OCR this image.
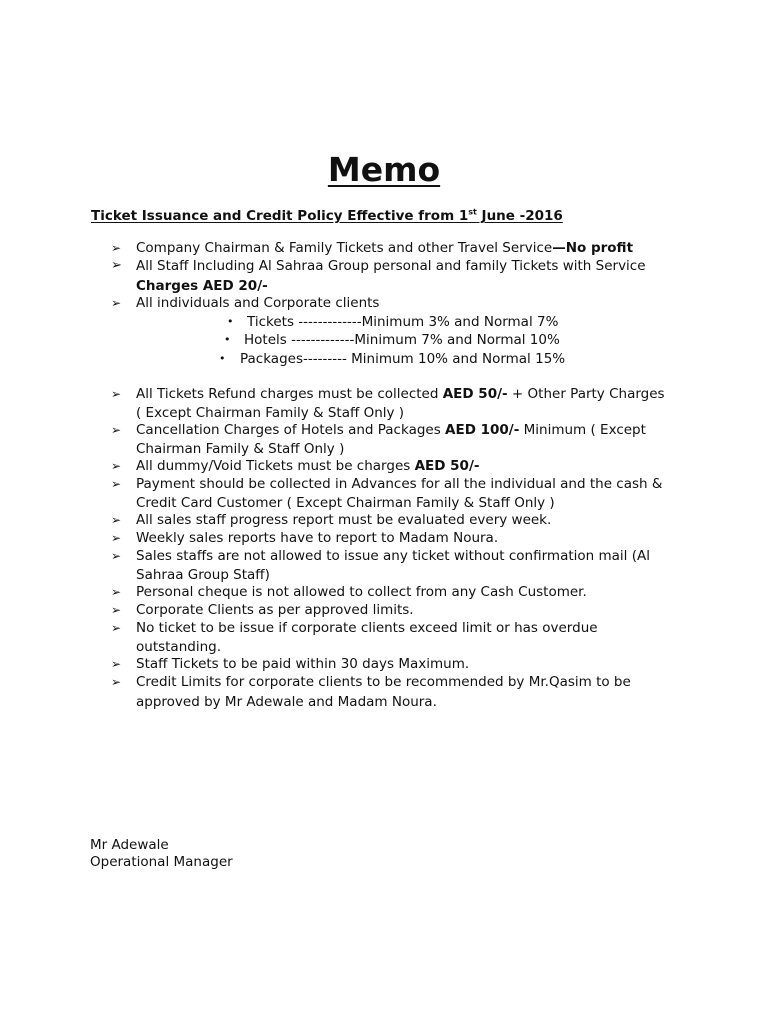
Memo
Ticket Issuance and Credit Policy Effective from 1st June -2016
➢	Company Chairman & Family Tickets and other Travel Service—No profit
➢	All Staff Including Al Sahraa Group personal and family Tickets with Service
Charges AED 20/-
➢	All individuals and Corporate clients
• Tickets -------------Minimum 3% and Normal 7%
• Hotels -------------Minimum 7% and Normal 10%
• Packages--------- Minimum 10% and Normal 15%
➢	All Tickets Refund charges must be collected AED 50/- + Other Party Charges
( Except Chairman Family & Staff Only )
➢	Cancellation Charges of Hotels and Packages AED 100/- Minimum ( Except
Chairman Family & Staff Only )
➢	All dummy/Void Tickets must be charges AED 50/-
➢	Payment should be collected in Advances for all the individual and the cash &
Credit Card Customer ( Except Chairman Family & Staff Only )
➢	All sales staff progress report must be evaluated every week.
➢	Weekly sales reports have to report to Madam Noura.
➢	Sales staffs are not allowed to issue any ticket without confirmation mail (Al
Sahraa Group Staff)
➢	Personal cheque is not allowed to collect from any Cash Customer.
➢	Corporate Clients as per approved limits.
➢	No ticket to be issue if corporate clients exceed limit or has overdue
outstanding.
➢	Staff Tickets to be paid within 30 days Maximum.
➢	Credit Limits for corporate clients to be recommended by Mr.Qasim to be
approved by Mr Adewale and Madam Noura.
Mr Adewale
Operational Manager
